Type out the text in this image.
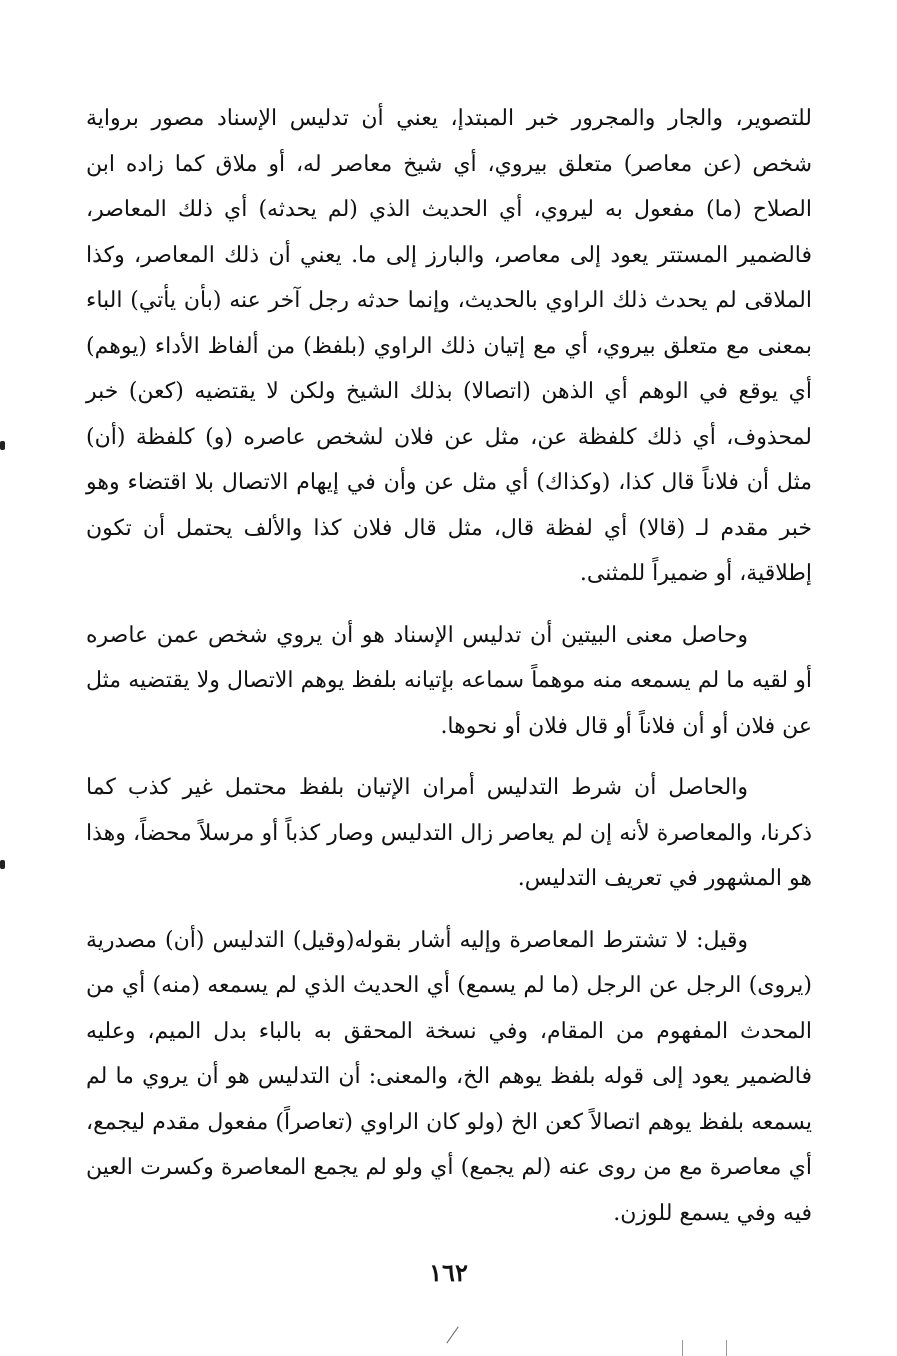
للتصوير، والجار والمجرور خبر المبتدإ، يعني أن تدليس الإسناد مصور برواية شخص (عن معاصر) متعلق بيروي، أي شيخ معاصر له، أو ملاق كما زاده ابن الصلاح (ما) مفعول به ليروي، أي الحديث الذي (لم يحدثه) أي ذلك المعاصر، فالضمير المستتر يعود إلى معاصر، والبارز إلى ما. يعني أن ذلك المعاصر، وكذا الملاقى لم يحدث ذلك الراوي بالحديث، وإنما حدثه رجل آخر عنه (بأن يأتي) الباء بمعنى مع متعلق بيروي، أي مع إتيان ذلك الراوي (بلفظ) من ألفاظ الأداء (يوهم) أي يوقع في الوهم أي الذهن (اتصالا) بذلك الشيخ ولكن لا يقتضيه (كعن) خبر لمحذوف، أي ذلك كلفظة عن، مثل عن فلان لشخص عاصره (و) كلفظة (أن) مثل أن فلاناً قال كذا، (وكذاك) أي مثل عن وأن في إيهام الاتصال بلا اقتضاء وهو خبر مقدم لـ (قالا) أي لفظة قال، مثل قال فلان كذا والألف يحتمل أن تكون إطلاقية، أو ضميراً للمثنى.

وحاصل معنى البيتين أن تدليس الإسناد هو أن يروي شخص عمن عاصره أو لقيه ما لم يسمعه منه موهماً سماعه بإتيانه بلفظ يوهم الاتصال ولا يقتضيه مثل عن فلان أو أن فلاناً أو قال فلان أو نحوها.

والحاصل أن شرط التدليس أمران الإتيان بلفظ محتمل غير كذب كما ذكرنا، والمعاصرة لأنه إن لم يعاصر زال التدليس وصار كذباً أو مرسلاً محضاً، وهذا هو المشهور في تعريف التدليس.

وقيل: لا تشترط المعاصرة وإليه أشار بقوله(وقيل) التدليس (أن) مصدرية (يروى) الرجل عن الرجل (ما لم يسمع) أي الحديث الذي لم يسمعه (منه) أي من المحدث المفهوم من المقام، وفي نسخة المحقق به بالباء بدل الميم، وعليه فالضمير يعود إلى قوله بلفظ يوهم الخ، والمعنى: أن التدليس هو أن يروي ما لم يسمعه بلفظ يوهم اتصالاً كعن الخ (ولو كان الراوي (تعاصراً) مفعول مقدم ليجمع، أي معاصرة مع من روى عنه (لم يجمع) أي ولو لم يجمع المعاصرة وكسرت العين فيه وفي يسمع للوزن.

١٦٢
